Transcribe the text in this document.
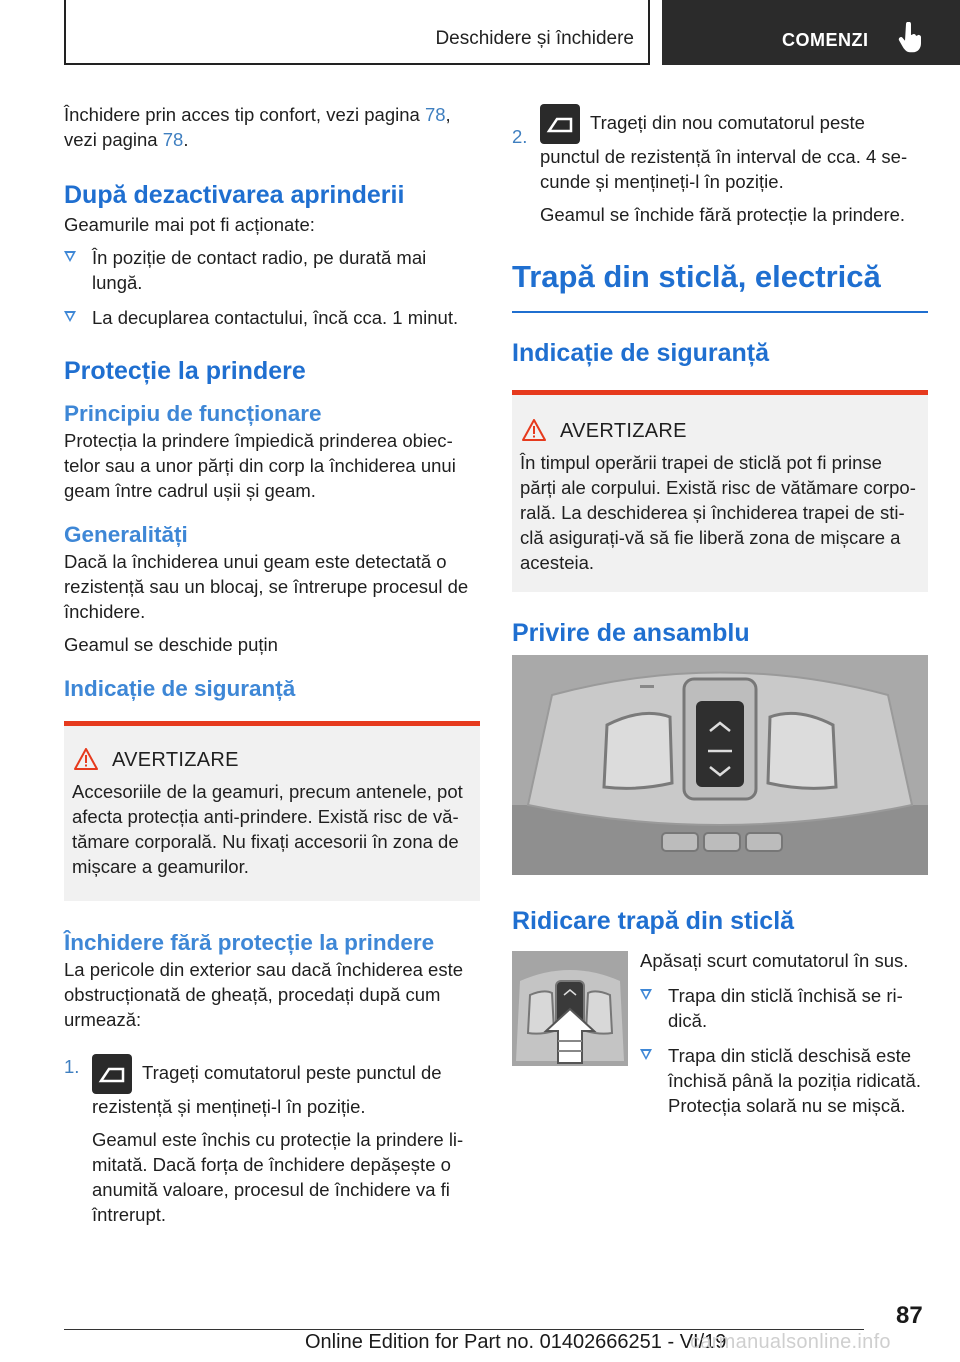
Deschidere și închidere	COMENZI

Închidere prin acces tip confort, vezi pagina 78,
vezi pagina 78.

După dezactivarea aprinderii

Geamurile mai pot fi acționate:

În poziție de contact radio, pe durată mai lungă.
La decuplarea contactului, încă cca. 1 minut.
Protecție la prindere
Principiu de funcționare

Protecția la prindere împiedică prinderea obiectelor sau a unor părți din corp la închiderea unui geam între cadrul ușii și geam.

Generalități

Dacă la închiderea unui geam este detectată o rezistență sau un blocaj, se întrerupe procesul de închidere.

Geamul se deschide puțin

Indicație de siguranță
AVERTIZARE

Accesoriile de la geamuri, precum antenele, pot afecta protecția anti-prindere. Există risc de vătămare corporală. Nu fixați accesorii în zona de mișcare a geamurilor.

Închidere fără protecție la prindere

La pericole din exterior sau dacă închiderea este obstrucționată de gheață, procedați după cum urmează:

1.	Trageți comutatorul peste punctul de rezistență și mențineți-l în poziție.

Geamul este închis cu protecție la prindere limitată. Dacă forța de închidere depășește o anumită valoare, procesul de închidere va fi întrerupt.

2.
Trageți din nou comutatorul peste punctul de rezistență în interval de cca. 4 secunde și mențineți-l în poziție.

Geamul se închide fără protecție la prindere.

Trapă din sticlă, electrică
Indicație de siguranță
AVERTIZARE

În timpul operării trapei de sticlă pot fi prinse părți ale corpului. Există risc de vătămare corporală. La deschiderea și închiderea trapei de sticlă asigurați-vă să fie liberă zona de mișcare a acesteia.

Privire de ansamblu
Ridicare trapă din sticlă

Apăsați scurt comutatorul în sus.

Trapa din sticlă închisă se ridică.
Trapa din sticlă deschisă este închisă până la poziția ridicată. Protecția solară nu se mișcă.
87
Online Edition for Part no. 01402666251 - VI/19
carmanualsonline.info
